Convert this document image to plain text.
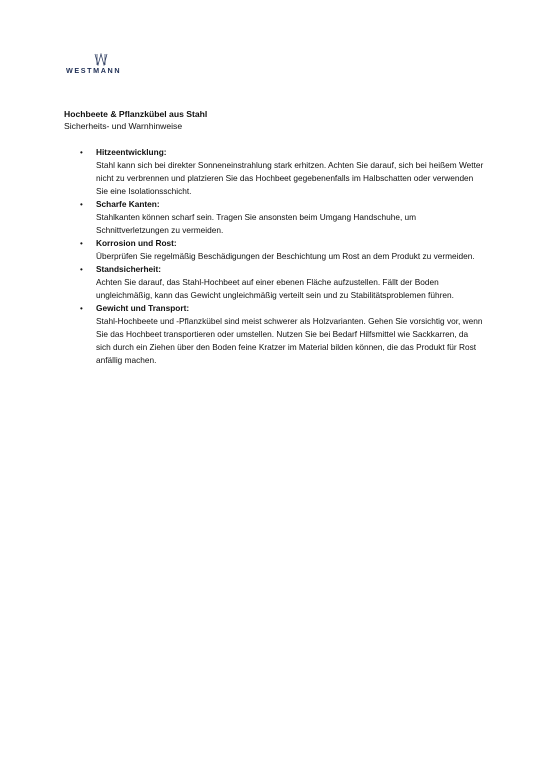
WESTMANN

Hochbeete & Pflanzkübel aus Stahl

Sicherheits- und Warnhinweise

• Hitzeentwicklung:
Stahl kann sich bei direkter Sonneneinstrahlung stark erhitzen. Achten Sie darauf, sich bei heißem Wetter nicht zu verbrennen und platzieren Sie das Hochbeet gegebenenfalls im Halbschatten oder verwenden Sie eine Isolationsschicht.
• Scharfe Kanten:
Stahlkanten können scharf sein. Tragen Sie ansonsten beim Umgang Handschuhe, um Schnittverletzungen zu vermeiden.
• Korrosion und Rost:
Überprüfen Sie regelmäßig Beschädigungen der Beschichtung um Rost an dem Produkt zu vermeiden.
• Standsicherheit:
Achten Sie darauf, das Stahl-Hochbeet auf einer ebenen Fläche aufzustellen. Fällt der Boden ungleichmäßig, kann das Gewicht ungleichmäßig verteilt sein und zu Stabilitätsproblemen führen.
• Gewicht und Transport:
Stahl-Hochbeete und -Pflanzkübel sind meist schwerer als Holzvarianten. Gehen Sie vorsichtig vor, wenn Sie das Hochbeet transportieren oder umstellen. Nutzen Sie bei Bedarf Hilfsmittel wie Sackkarren, da sich durch ein Ziehen über den Boden feine Kratzer im Material bilden können, die das Produkt für Rost anfällig machen.
